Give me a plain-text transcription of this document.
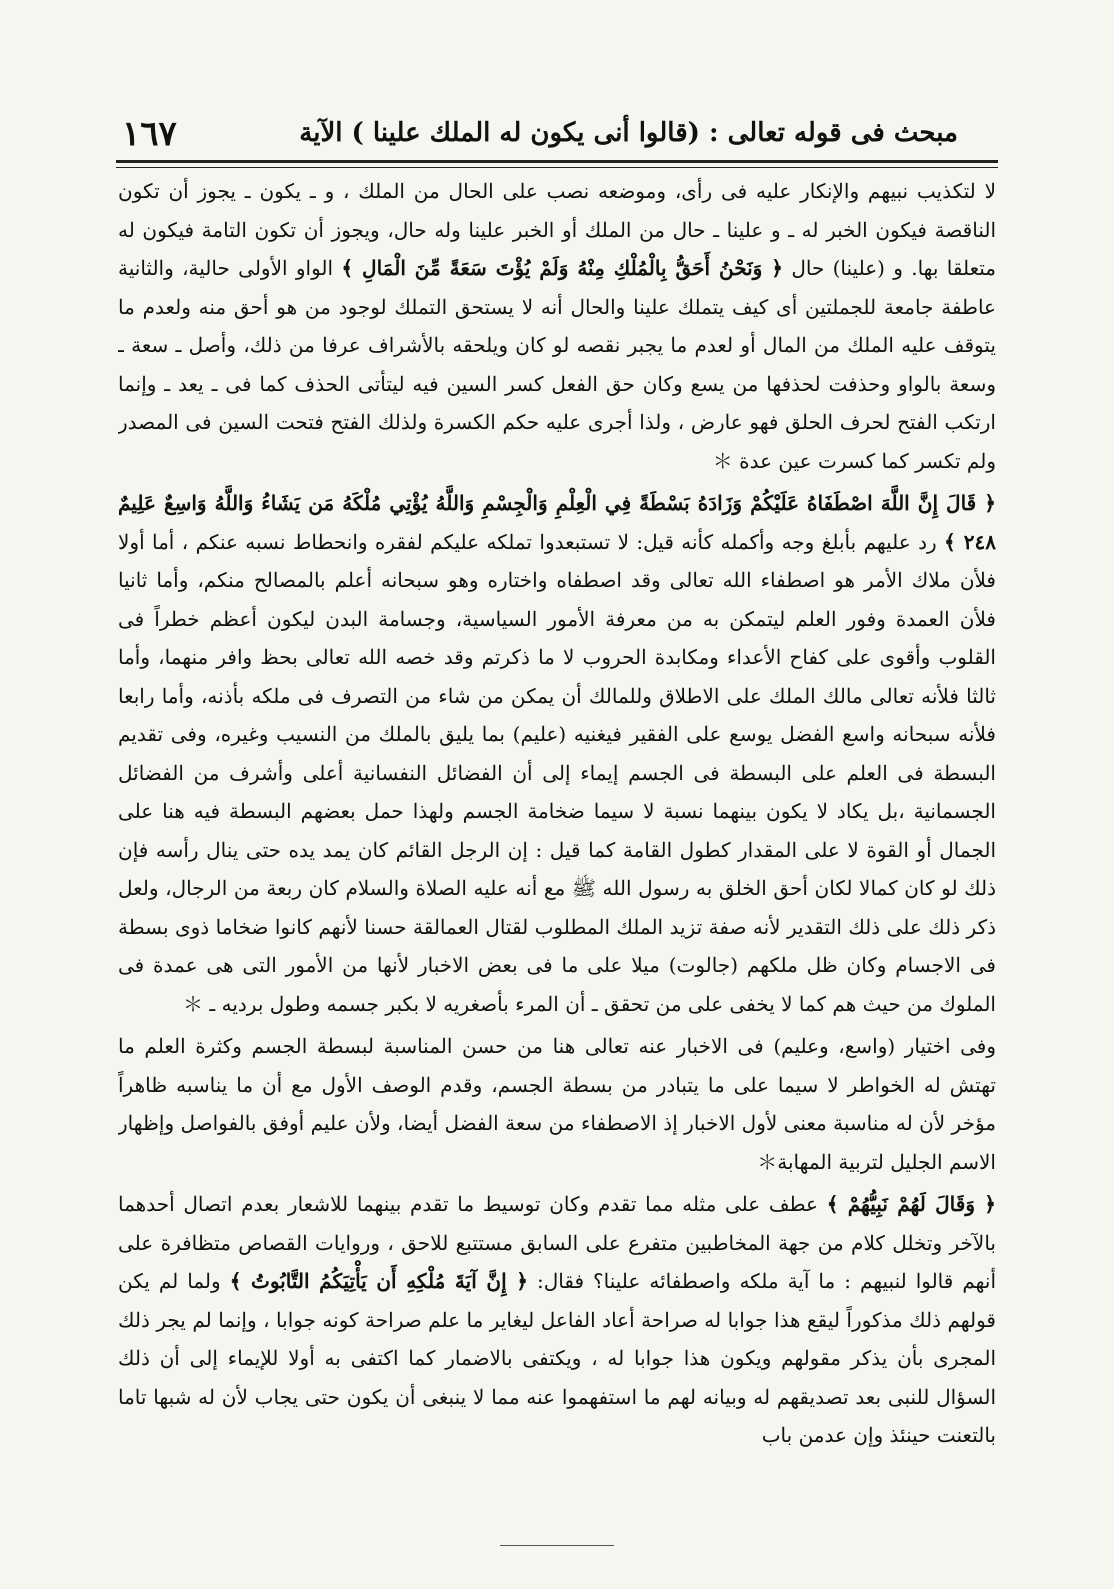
مبحث فى قوله تعالى : (قالوا أنى يكون له الملك علينا ) الآية
١٦٧

لا لتكذيب نبيهم والإنكار عليه فى رأى، وموضعه نصب على الحال من الملك ، و ـ يكون ـ يجوز أن تكون الناقصة فيكون الخبر له ـ و علينا ـ حال من الملك أو الخبر علينا وله حال، ويجوز أن تكون التامة فيكون له متعلقا بها. و (علينا) حال ﴿ وَنَحْنُ أَحَقُّ بِالْمُلْكِ مِنْهُ وَلَمْ يُؤْتَ سَعَةً مِّنَ الْمَالِ ﴾ الواو الأولى حالية، والثانية عاطفة جامعة للجملتين أى كيف يتملك علينا والحال أنه لا يستحق التملك لوجود من هو أحق منه ولعدم ما يتوقف عليه الملك من المال أو لعدم ما يجبر نقصه لو كان ويلحقه بالأشراف عرفا من ذلك، وأصل ـ سعة ـ وسعة بالواو وحذفت لحذفها من يسع وكان حق الفعل كسر السين فيه ليتأتى الحذف كما فى ـ يعد ـ وإنما ارتكب الفتح لحرف الحلق فهو عارض ، ولذا أجرى عليه حكم الكسرة ولذلك الفتح فتحت السين فى المصدر ولم تكسر كما كسرت عين عدة ＊

﴿ قَالَ إِنَّ اللَّهَ اصْطَفَاهُ عَلَيْكُمْ وَزَادَهُ بَسْطَةً فِي الْعِلْمِ وَالْجِسْمِ وَاللَّهُ يُؤْتِي مُلْكَهُ مَن يَشَاءُ وَاللَّهُ وَاسِعٌ عَلِيمٌ ٢٤٨ ﴾ رد عليهم بأبلغ وجه وأكمله كأنه قيل: لا تستبعدوا تملكه عليكم لفقره وانحطاط نسبه عنكم ، أما أولا فلأن ملاك الأمر هو اصطفاء الله تعالى وقد اصطفاه واختاره وهو سبحانه أعلم بالمصالح منكم، وأما ثانيا فلأن العمدة وفور العلم ليتمكن به من معرفة الأمور السياسية، وجسامة البدن ليكون أعظم خطراً فى القلوب وأقوى على كفاح الأعداء ومكابدة الحروب لا ما ذكرتم وقد خصه الله تعالى بحظ وافر منهما، وأما ثالثا فلأنه تعالى مالك الملك على الاطلاق وللمالك أن يمكن من شاء من التصرف فى ملكه بأذنه، وأما رابعا فلأنه سبحانه واسع الفضل يوسع على الفقير فيغنيه (عليم) بما يليق بالملك من النسيب وغيره، وفى تقديم البسطة فى العلم على البسطة فى الجسم إيماء إلى أن الفضائل النفسانية أعلى وأشرف من الفضائل الجسمانية ،بل يكاد لا يكون بينهما نسبة لا سيما ضخامة الجسم ولهذا حمل بعضهم البسطة فيه هنا على الجمال أو القوة لا على المقدار كطول القامة كما قيل : إن الرجل القائم كان يمد يده حتى ينال رأسه فإن ذلك لو كان كمالا لكان أحق الخلق به رسول الله ﷺ مع أنه عليه الصلاة والسلام كان ربعة من الرجال، ولعل ذكر ذلك على ذلك التقدير لأنه صفة تزيد الملك المطلوب لقتال العمالقة حسنا لأنهم كانوا ضخاما ذوى بسطة فى الاجسام وكان ظل ملكهم (جالوت) ميلا على ما فى بعض الاخبار لأنها من الأمور التى هى عمدة فى الملوك من حيث هم كما لا يخفى على من تحقق ـ أن المرء بأصغريه لا بكبر جسمه وطول برديه ـ ＊

وفى اختيار (واسع، وعليم) فى الاخبار عنه تعالى هنا من حسن المناسبة لبسطة الجسم وكثرة العلم ما تهتش له الخواطر لا سيما على ما يتبادر من بسطة الجسم، وقدم الوصف الأول مع أن ما يناسبه ظاهراً مؤخر لأن له مناسبة معنى لأول الاخبار إذ الاصطفاء من سعة الفضل أيضا، ولأن عليم أوفق بالفواصل وإظهار الاسم الجليل لتربية المهابة＊

﴿ وَقَالَ لَهُمْ نَبِيُّهُمْ ﴾ عطف على مثله مما تقدم وكان توسيط ما تقدم بينهما للاشعار بعدم اتصال أحدهما بالآخر وتخلل كلام من جهة المخاطبين متفرع على السابق مستتبع للاحق ، وروايات القصاص متظافرة على أنهم قالوا لنبيهم : ما آية ملكه واصطفائه علينا؟ فقال: ﴿ إِنَّ آيَةَ مُلْكِهِ أَن يَأْتِيَكُمُ التَّابُوتُ ﴾ ولما لم يكن قولهم ذلك مذكوراً ليقع هذا جوابا له صراحة أعاد الفاعل ليغاير ما علم صراحة كونه جوابا ، وإنما لم يجر ذلك المجرى بأن يذكر مقولهم ويكون هذا جوابا له ، ويكتفى بالاضمار كما اكتفى به أولا للإيماء إلى أن ذلك السؤال للنبى بعد تصديقهم له وبيانه لهم ما استفهموا عنه مما لا ينبغى أن يكون حتى يجاب لأن له شبها تاما بالتعنت حينئذ وإن عدمن باب
